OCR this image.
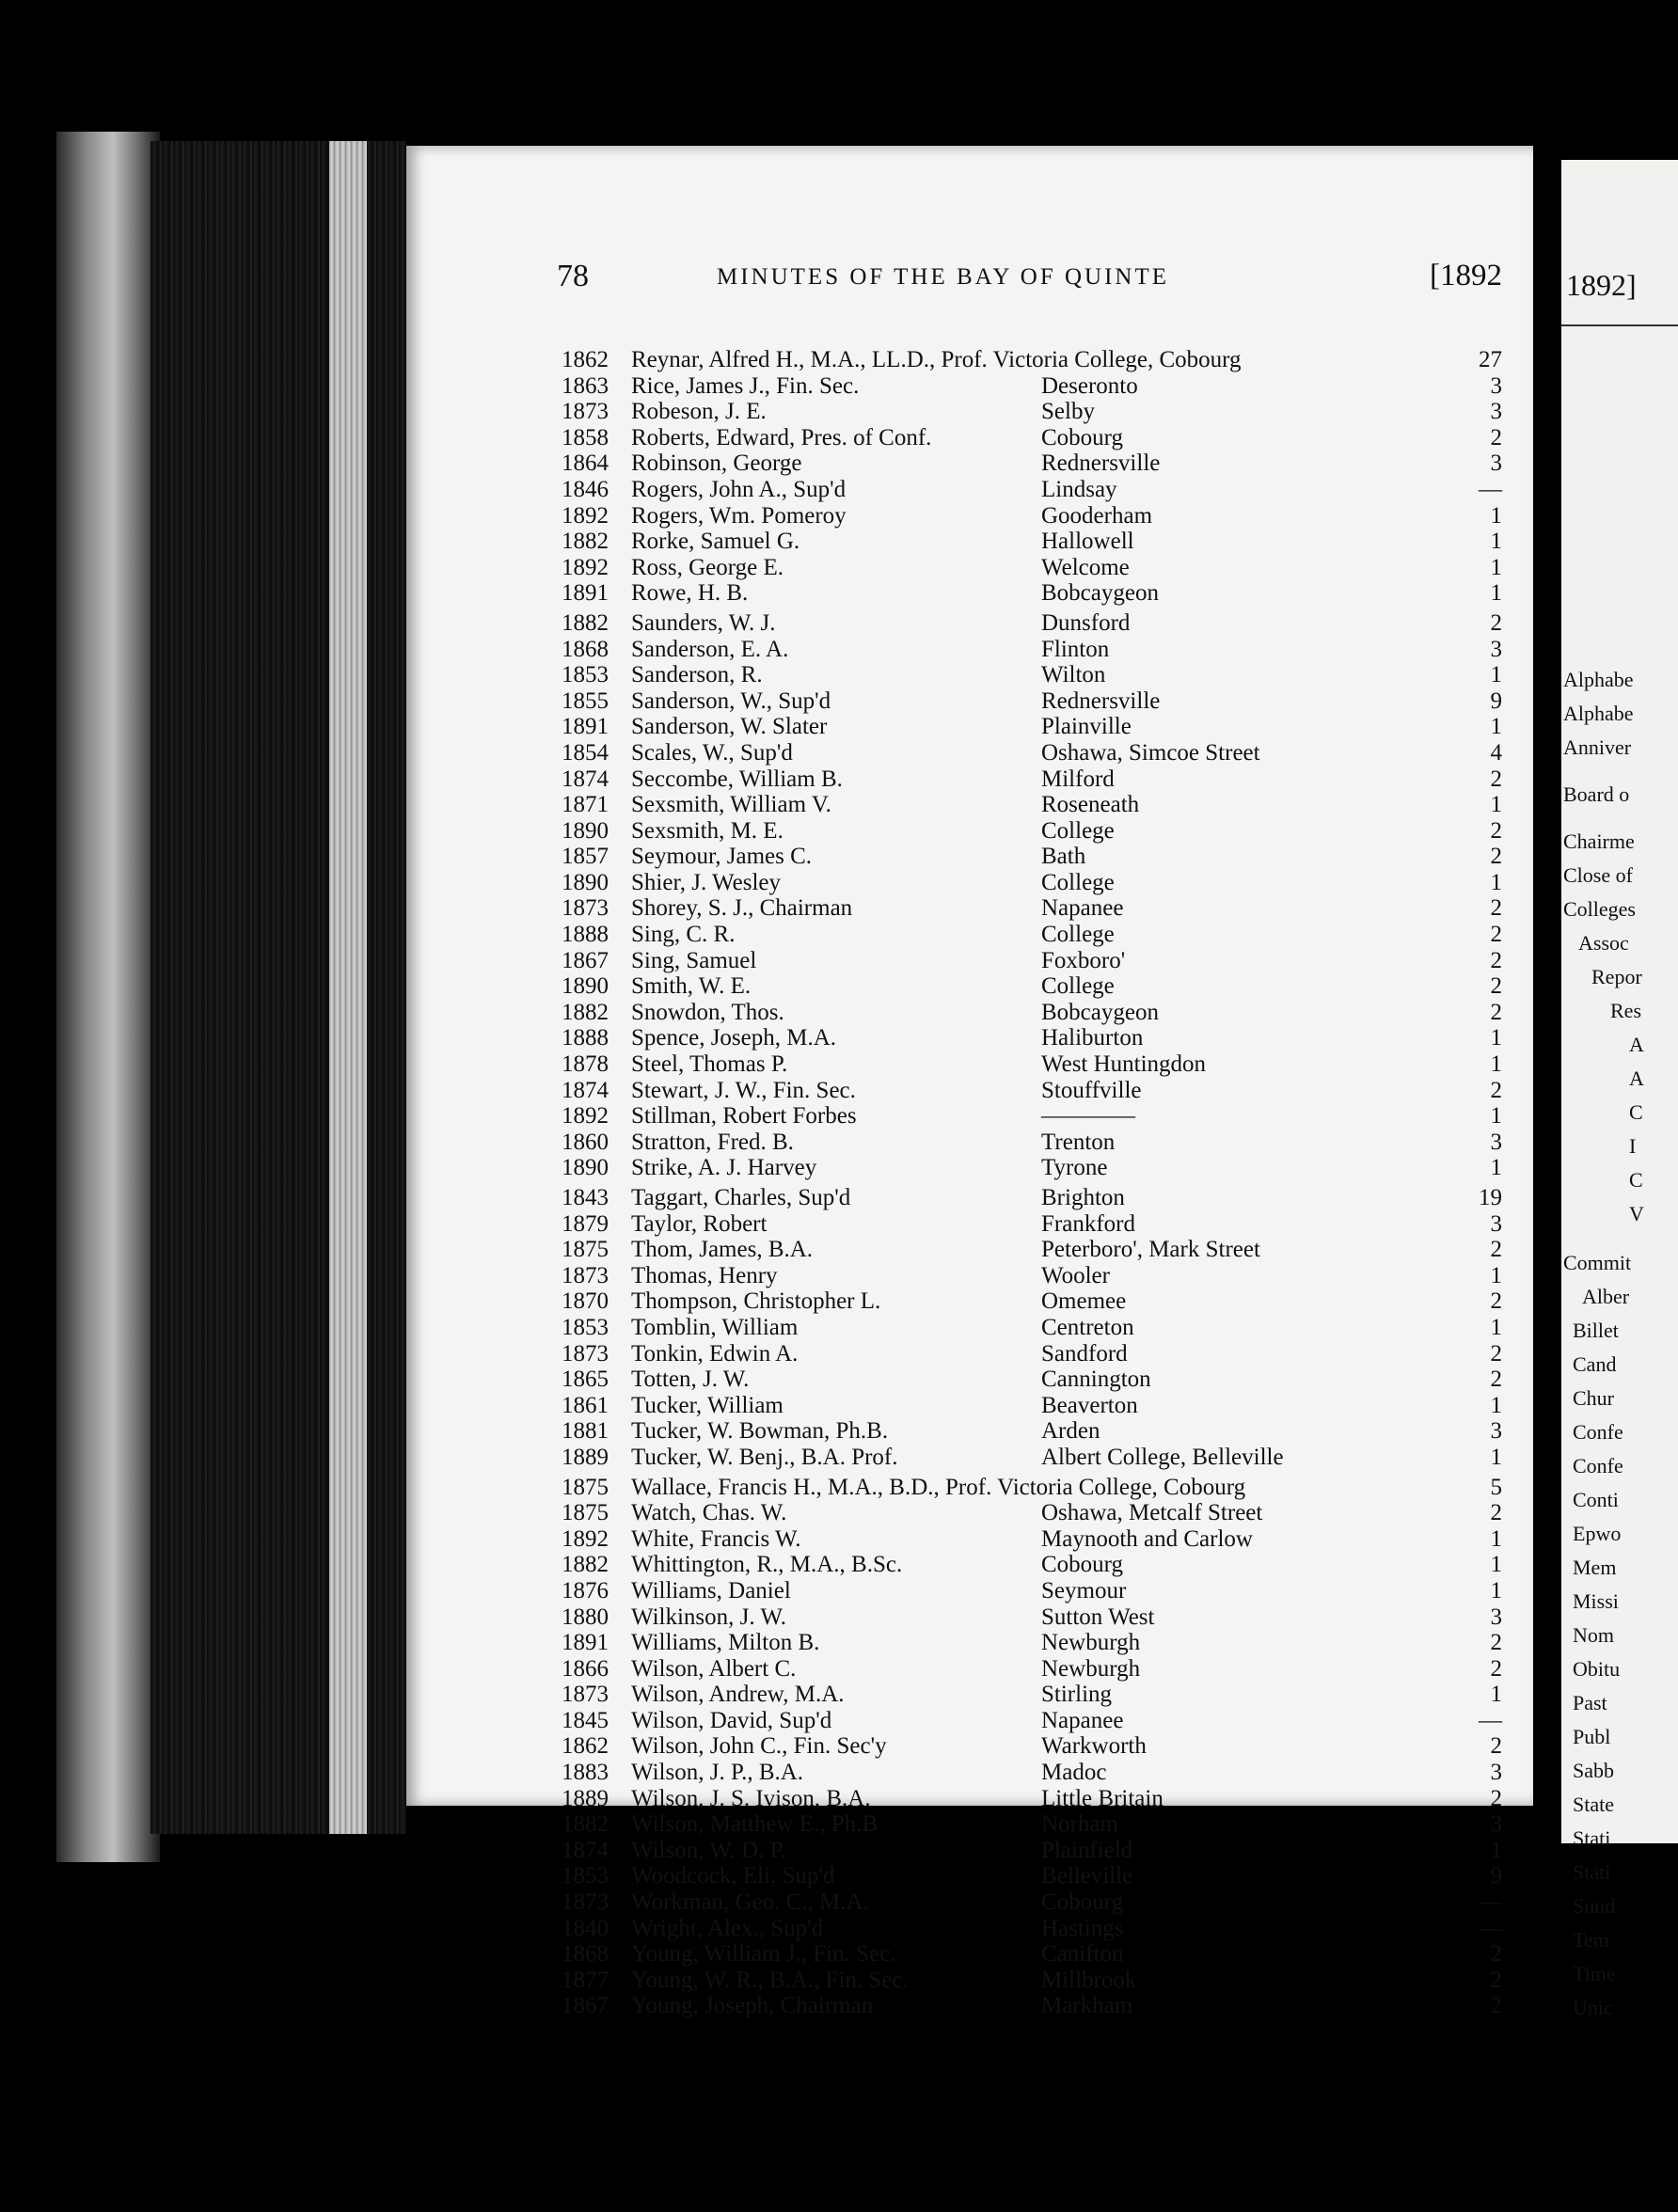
78	MINUTES OF THE BAY OF QUINTE	[1892
1862 Reynar, Alfred H., M.A., LL.D., Prof. Victoria College, Cobourg	27
1863 Rice, James J., Fin. Sec.	Deseronto	3
1873 Robeson, J. E.	Selby	3
1858 Roberts, Edward, Pres. of Conf.	Cobourg	2
1864 Robinson, George	Rednersville	3
1846 Rogers, John A., Sup'd	Lindsay	—
1892 Rogers, Wm. Pomeroy	Gooderham	1
1882 Rorke, Samuel G.	Hallowell	1
1892 Ross, George E.	Welcome	1
1891 Rowe, H. B.	Bobcaygeon	1
1882 Saunders, W. J.	Dunsford	2
1868 Sanderson, E. A.	Flinton	3
1853 Sanderson, R.	Wilton	1
1855 Sanderson, W., Sup'd	Rednersville	9
1891 Sanderson, W. Slater	Plainville	1
1854 Scales, W., Sup'd	Oshawa, Simcoe Street	4
1874 Seccombe, William B.	Milford	2
1871 Sexsmith, William V.	Roseneath	1
1890 Sexsmith, M. E.	College	2
1857 Seymour, James C.	Bath	2
1890 Shier, J. Wesley	College	1
1873 Shorey, S. J., Chairman	Napanee	2
1888 Sing, C. R.	College	2
1867 Sing, Samuel	Foxboro'	2
1890 Smith, W. E.	College	2
1882 Snowdon, Thos.	Bobcaygeon	2
1888 Spence, Joseph, M.A.	Haliburton	1
1878 Steel, Thomas P.	West Huntingdon	1
1874 Stewart, J. W., Fin. Sec.	Stouffville	2
1892 Stillman, Robert Forbes	————	1
1860 Stratton, Fred. B.	Trenton	3
1890 Strike, A. J. Harvey	Tyrone	1
1843 Taggart, Charles, Sup'd	Brighton	19
1879 Taylor, Robert	Frankford	3
1875 Thom, James, B.A.	Peterboro', Mark Street	2
1873 Thomas, Henry	Wooler	1
1870 Thompson, Christopher L.	Omemee	2
1853 Tomblin, William	Centreton	1
1873 Tonkin, Edwin A.	Sandford	2
1865 Totten, J. W.	Cannington	2
1861 Tucker, William	Beaverton	1
1881 Tucker, W. Bowman, Ph.B.	Arden	3
1889 Tucker, W. Benj., B.A. Prof.	Albert College, Belleville	1
1875 Wallace, Francis H., M.A., B.D., Prof. Victoria College, Cobourg	5
1875 Watch, Chas. W.	Oshawa, Metcalf Street	2
1892 White, Francis W.	Maynooth and Carlow	1
1882 Whittington, R., M.A., B.Sc.	Cobourg	1
1876 Williams, Daniel	Seymour	1
1880 Wilkinson, J. W.	Sutton West	3
1891 Williams, Milton B.	Newburgh	2
1866 Wilson, Albert C.	Newburgh	2
1873 Wilson, Andrew, M.A.	Stirling	1
1845 Wilson, David, Sup'd	Napanee	—
1862 Wilson, John C., Fin. Sec'y	Warkworth	2
1883 Wilson, J. P., B.A.	Madoc	3
1889 Wilson, J. S. Ivison, B.A.	Little Britain	2
1882 Wilson, Matthew E., Ph.B	Norham	3
1874 Wilson, W. D. P.	Plainfield	1
1853 Woodcock, Eli, Sup'd	Belleville	9
1873 Workman, Geo. C., M.A.	Cobourg	—
1840 Wright, Alex., Sup'd	Hastings	—
1868 Young, William J., Fin. Sec.	Canifton	2
1877 Young, W. R., B.A., Fin. Sec.	Millbrook	2
1867 Young, Joseph, Chairman	Markham	2
1892]
Alphabe
Alphabe
Anniver
Board o
Chairme
Close of
Colleges
Assoc
Repor
Res
A
A
C
I
C
V
Commit
Alber
Billet
Cand
Chur
Confe
Confe
Conti
Epwo
Mem
Missi
Nom
Obitu
Past
Publ
Sabb
State
Stati
Stati
Sund
Tem
Time
Unic
